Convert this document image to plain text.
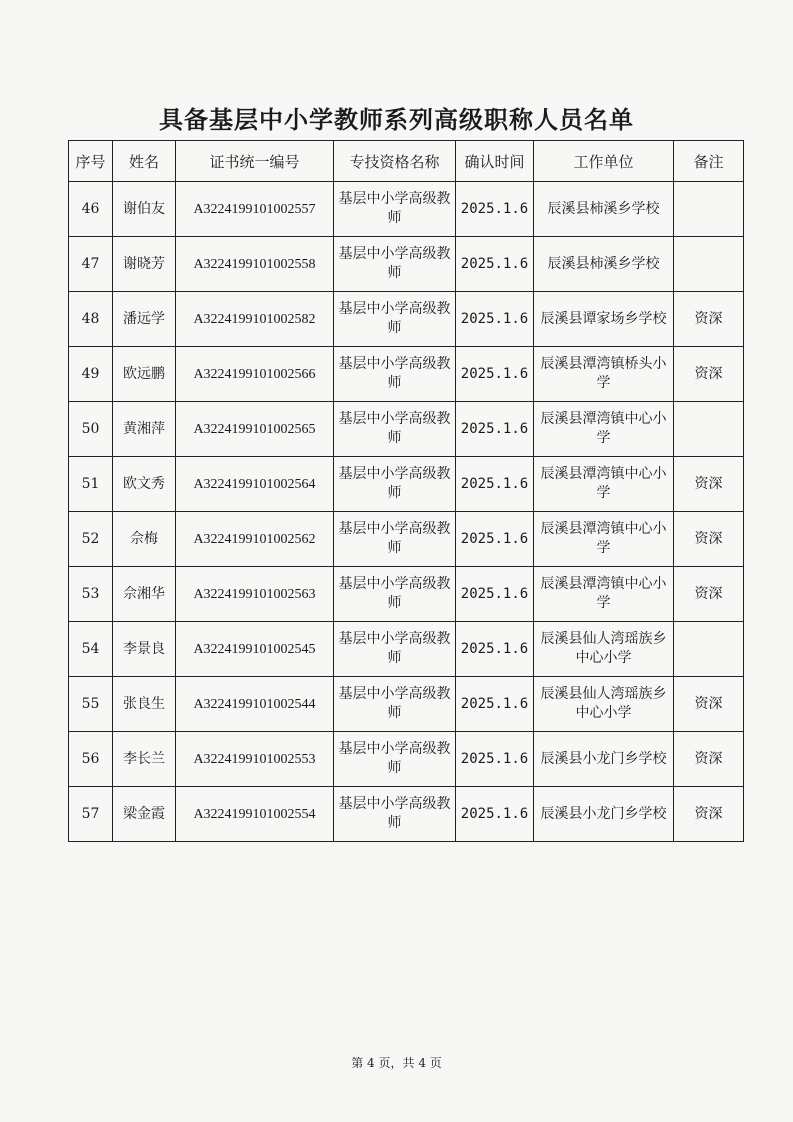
具备基层中小学教师系列高级职称人员名单
序号	姓名	证书统一编号	专技资格名称	确认时间	工作单位	备注
46	谢伯友	A3224199101002557	基层中小学高级教师	2025.1.6	辰溪县柿溪乡学校	
47	谢晓芳	A3224199101002558	基层中小学高级教师	2025.1.6	辰溪县柿溪乡学校	
48	潘远学	A3224199101002582	基层中小学高级教师	2025.1.6	辰溪县谭家场乡学校	资深
49	欧远鹏	A3224199101002566	基层中小学高级教师	2025.1.6	辰溪县潭湾镇桥头小学	资深
50	黄湘萍	A3224199101002565	基层中小学高级教师	2025.1.6	辰溪县潭湾镇中心小学	
51	欧文秀	A3224199101002564	基层中小学高级教师	2025.1.6	辰溪县潭湾镇中心小学	资深
52	佘梅	A3224199101002562	基层中小学高级教师	2025.1.6	辰溪县潭湾镇中心小学	资深
53	佘湘华	A3224199101002563	基层中小学高级教师	2025.1.6	辰溪县潭湾镇中心小学	资深
54	李景良	A3224199101002545	基层中小学高级教师	2025.1.6	辰溪县仙人湾瑶族乡中心小学	
55	张良生	A3224199101002544	基层中小学高级教师	2025.1.6	辰溪县仙人湾瑶族乡中心小学	资深
56	李长兰	A3224199101002553	基层中小学高级教师	2025.1.6	辰溪县小龙门乡学校	资深
57	梁金霞	A3224199101002554	基层中小学高级教师	2025.1.6	辰溪县小龙门乡学校	资深
第 4 页，共 4 页
